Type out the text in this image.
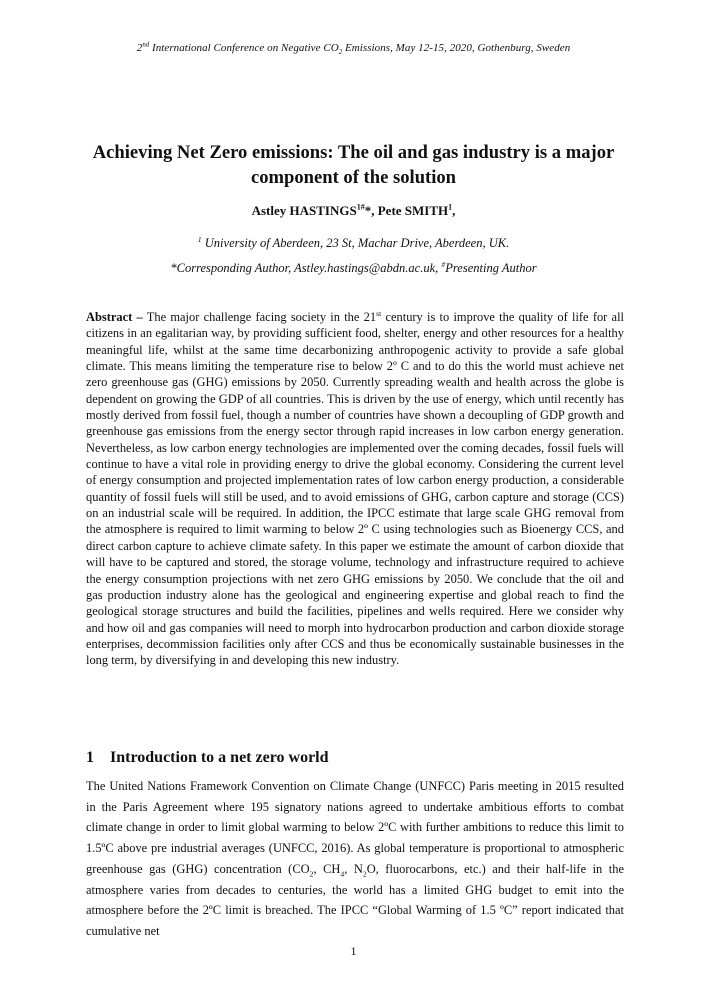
2nd International Conference on Negative $CO_2$ Emissions, May 12-15, 2020, Gothenburg, Sweden
Achieving Net Zero emissions: The oil and gas industry is a major component of the solution
Astley $HASTINGS^{1\#}*$, Pete SMITH$^1$,
$^1$ University of Aberdeen, 23 St, Machar Drive, Aberdeen, UK.
*Corresponding Author, Astley.hastings@abdn.ac.uk, #Presenting Author
Abstract – The major challenge facing society in the 21st century is to improve the quality of life for all citizens in an egalitarian way, by providing sufficient food, shelter, energy and other resources for a healthy meaningful life, whilst at the same time decarbonizing anthropogenic activity to provide a safe global climate. This means limiting the temperature rise to below 2º C and to do this the world must achieve net zero greenhouse gas (GHG) emissions by 2050. Currently spreading wealth and health across the globe is dependent on growing the GDP of all countries. This is driven by the use of energy, which until recently has mostly derived from fossil fuel, though a number of countries have shown a decoupling of GDP growth and greenhouse gas emissions from the energy sector through rapid increases in low carbon energy generation. Nevertheless, as low carbon energy technologies are implemented over the coming decades, fossil fuels will continue to have a vital role in providing energy to drive the global economy. Considering the current level of energy consumption and projected implementation rates of low carbon energy production, a considerable quantity of fossil fuels will still be used, and to avoid emissions of GHG, carbon capture and storage (CCS) on an industrial scale will be required. In addition, the IPCC estimate that large scale GHG removal from the atmosphere is required to limit warming to below 2º C using technologies such as Bioenergy CCS, and direct carbon capture to achieve climate safety. In this paper we estimate the amount of carbon dioxide that will have to be captured and stored, the storage volume, technology and infrastructure required to achieve the energy consumption projections with net zero GHG emissions by 2050. We conclude that the oil and gas production industry alone has the geological and engineering expertise and global reach to find the geological storage structures and build the facilities, pipelines and wells required. Here we consider why and how oil and gas companies will need to morph into hydrocarbon production and carbon dioxide storage enterprises, decommission facilities only after CCS and thus be economically sustainable businesses in the long term, by diversifying in and developing this new industry.
1 Introduction to a net zero world
The United Nations Framework Convention on Climate Change (UNFCC) Paris meeting in 2015 resulted in the Paris Agreement where 195 signatory nations agreed to undertake ambitious efforts to combat climate change in order to limit global warming to below 2ºC with further ambitions to reduce this limit to 1.5ºC above pre industrial averages (UNFCC, 2016). As global temperature is proportional to atmospheric greenhouse gas (GHG) concentration ($CO_2$, $CH_4$, $N_2O$, fluorocarbons, etc.) and their half-life in the atmosphere varies from decades to centuries, the world has a limited GHG budget to emit into the atmosphere before the 2ºC limit is breached. The IPCC “Global Warming of 1.5 ºC” report indicated that cumulative net
1
